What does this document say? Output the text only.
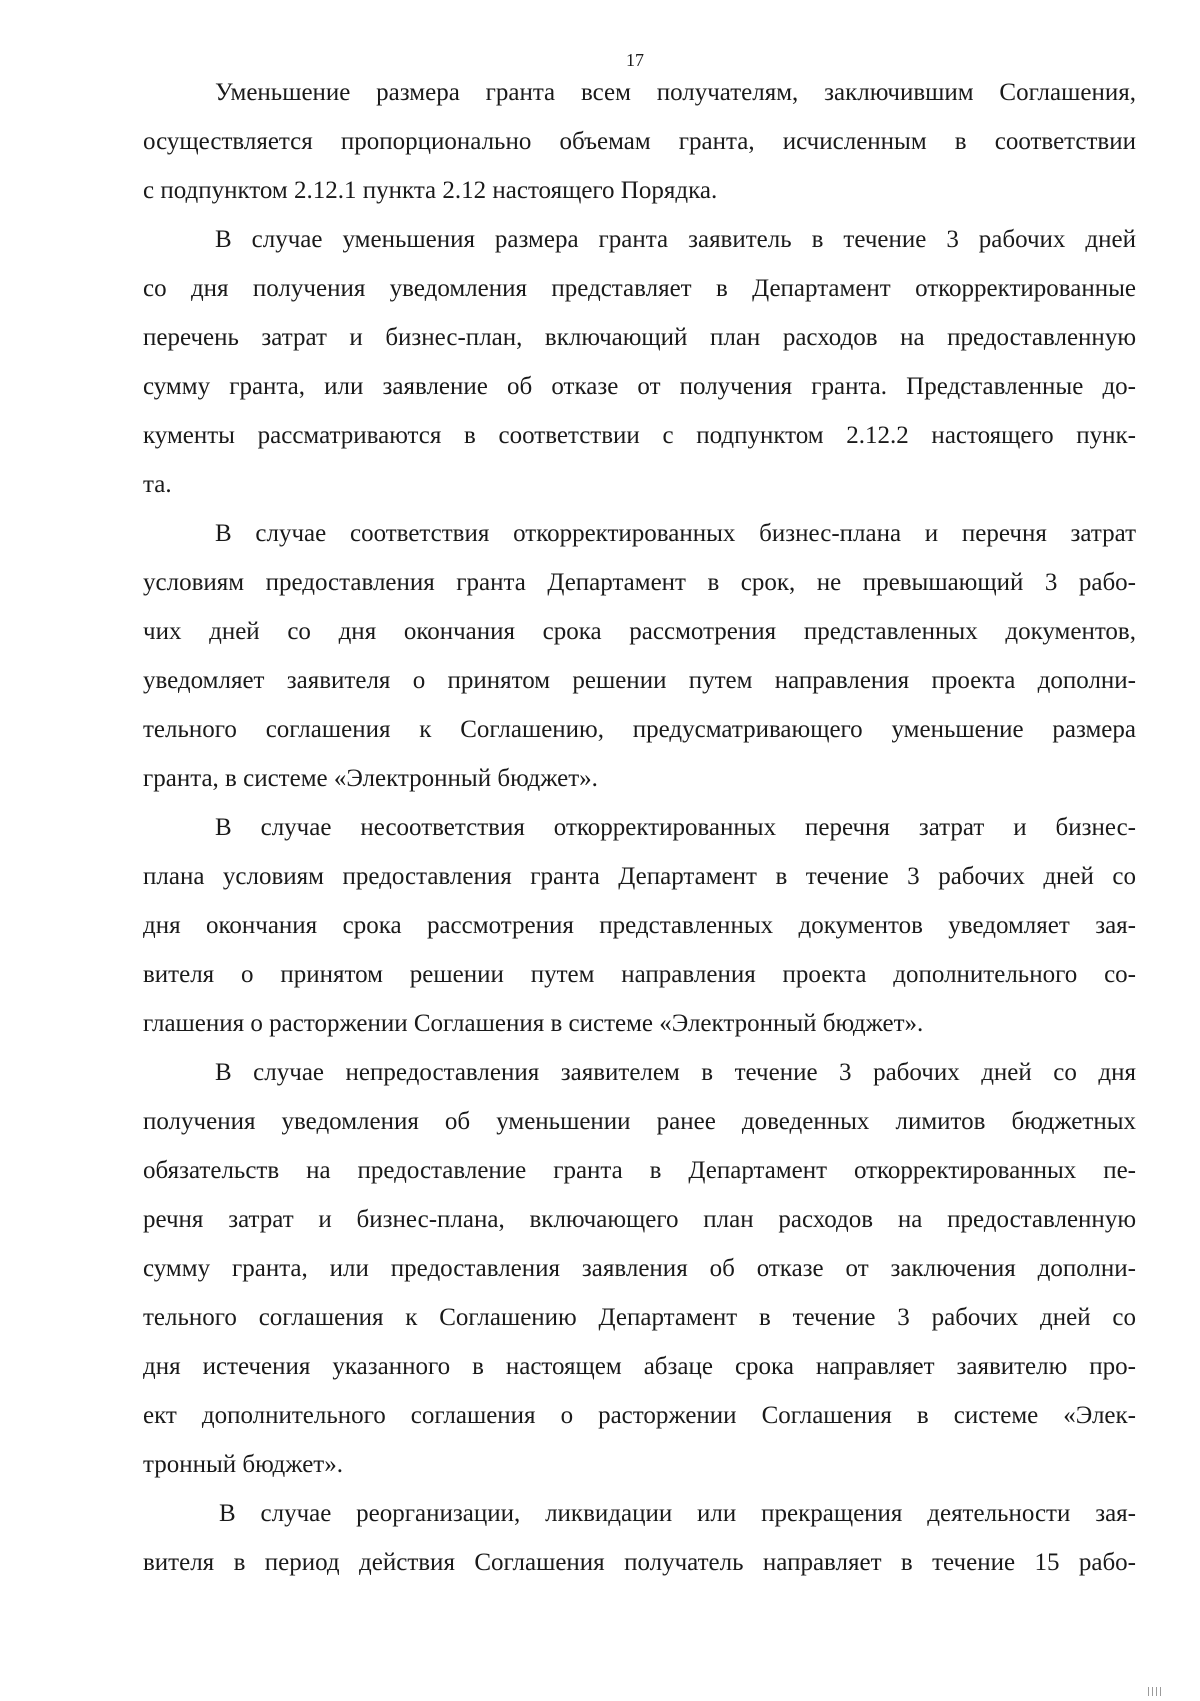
17
Уменьшение размера гранта всем получателям, заключившим Соглашения,
осуществляется пропорционально объемам гранта, исчисленным в соответствии
с подпунктом 2.12.1 пункта 2.12 настоящего Порядка.
В случае уменьшения размера гранта заявитель в течение 3 рабочих дней
со дня получения уведомления представляет в Департамент откорректированные
перечень затрат и бизнес-план, включающий план расходов на предоставленную
сумму гранта, или заявление об отказе от получения гранта. Представленные до-
кументы рассматриваются в соответствии с подпунктом 2.12.2 настоящего пунк-
та.
В случае соответствия откорректированных бизнес-плана и перечня затрат
условиям предоставления гранта Департамент в срок, не превышающий 3 рабо-
чих дней со дня окончания срока рассмотрения представленных документов,
уведомляет заявителя о принятом решении путем направления проекта дополни-
тельного соглашения к Соглашению, предусматривающего уменьшение размера
гранта, в системе «Электронный бюджет».
В случае несоответствия откорректированных перечня затрат и бизнес-
плана условиям предоставления гранта Департамент в течение 3 рабочих дней со
дня окончания срока рассмотрения представленных документов уведомляет зая-
вителя о принятом решении путем направления проекта дополнительного со-
глашения о расторжении Соглашения в системе «Электронный бюджет».
В случае непредоставления заявителем в течение 3 рабочих дней со дня
получения уведомления об уменьшении ранее доведенных лимитов бюджетных
обязательств на предоставление гранта в Департамент откорректированных пе-
речня затрат и бизнес-плана, включающего план расходов на предоставленную
сумму гранта, или предоставления заявления об отказе от заключения дополни-
тельного соглашения к Соглашению Департамент в течение 3 рабочих дней со
дня истечения указанного в настоящем абзаце срока направляет заявителю про-
ект дополнительного соглашения о расторжении Соглашения в системе «Элек-
тронный бюджет».
В случае реорганизации, ликвидации или прекращения деятельности зая-
вителя в период действия Соглашения получатель направляет в течение 15 рабо-
